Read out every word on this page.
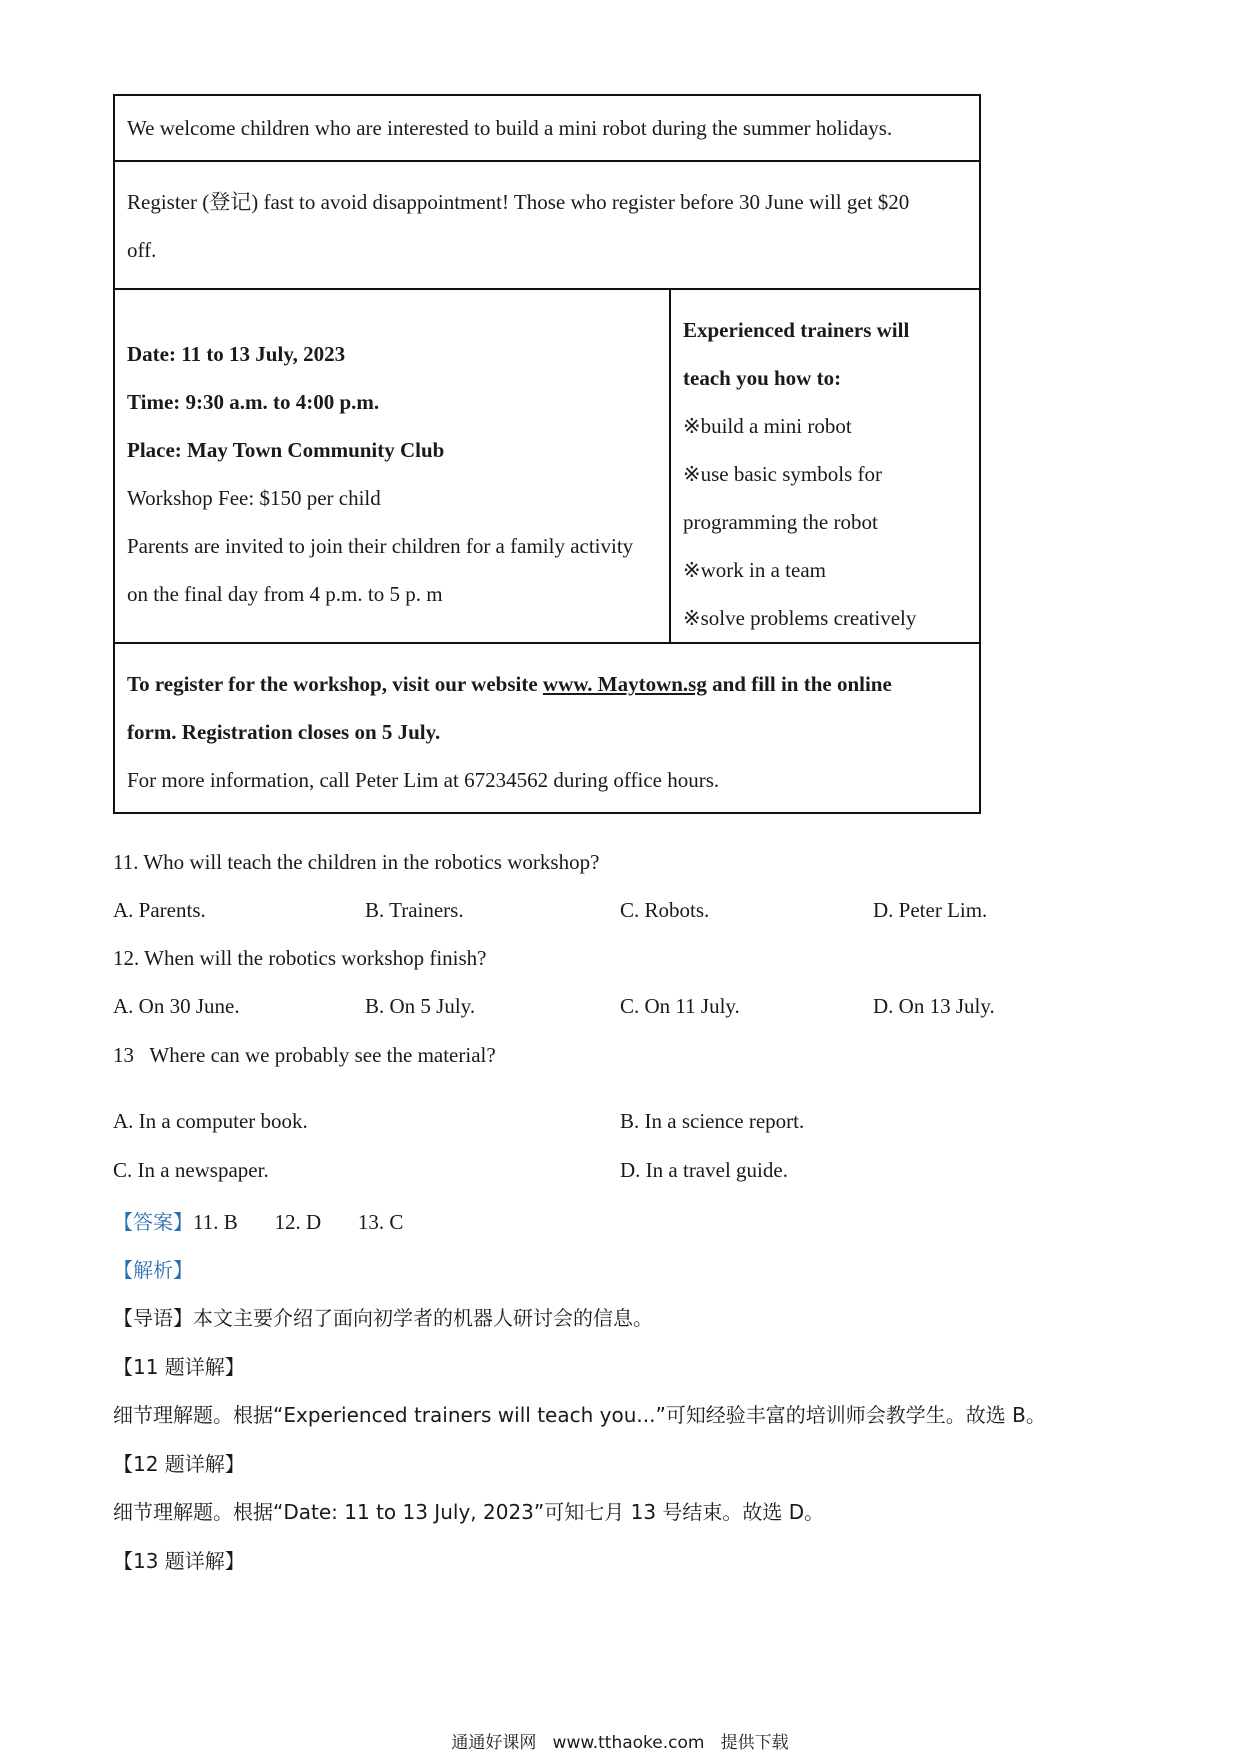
We welcome children who are interested to build a mini robot during the summer holidays.

Register (登记) fast to avoid disappointment! Those who register before 30 June will get $20
off.

Date: 11 to 13 July, 2023
Time: 9:30 a.m. to 4:00 p.m.
Place: May Town Community Club
Workshop Fee: $150 per child
Parents are invited to join their children for a family activity
on the final day from 4 p.m. to 5 p. m

Experienced trainers will
teach you how to:
※build a mini robot
※use basic symbols for
programming the robot
※work in a team
※solve problems creatively

To register for the workshop, visit our website www. Maytown.sg and fill in the online
form. Registration closes on 5 July.
For more information, call Peter Lim at 67234562 during office hours.
11. Who will teach the children in the robotics workshop?
A. Parents.	B. Trainers.	C. Robots.	D. Peter Lim.
12. When will the robotics workshop finish?
A. On 30 June.	B. On 5 July.	C. On 11 July.	D. On 13 July.
13   Where can we probably see the material?
A. In a computer book.	B. In a science report.
C. In a newspaper.	D. In a travel guide.
【答案】11. B       12. D       13. C
【解析】
【导语】本文主要介绍了面向初学者的机器人研讨会的信息。
【11 题详解】
细节理解题。根据“Experienced trainers will teach you...”可知经验丰富的培训师会教学生。故选 B。
【12 题详解】
细节理解题。根据“Date: 11 to 13 July, 2023”可知七月 13 号结束。故选 D。
【13 题详解】
通通好课网   www.tthaoke.com   提供下载
